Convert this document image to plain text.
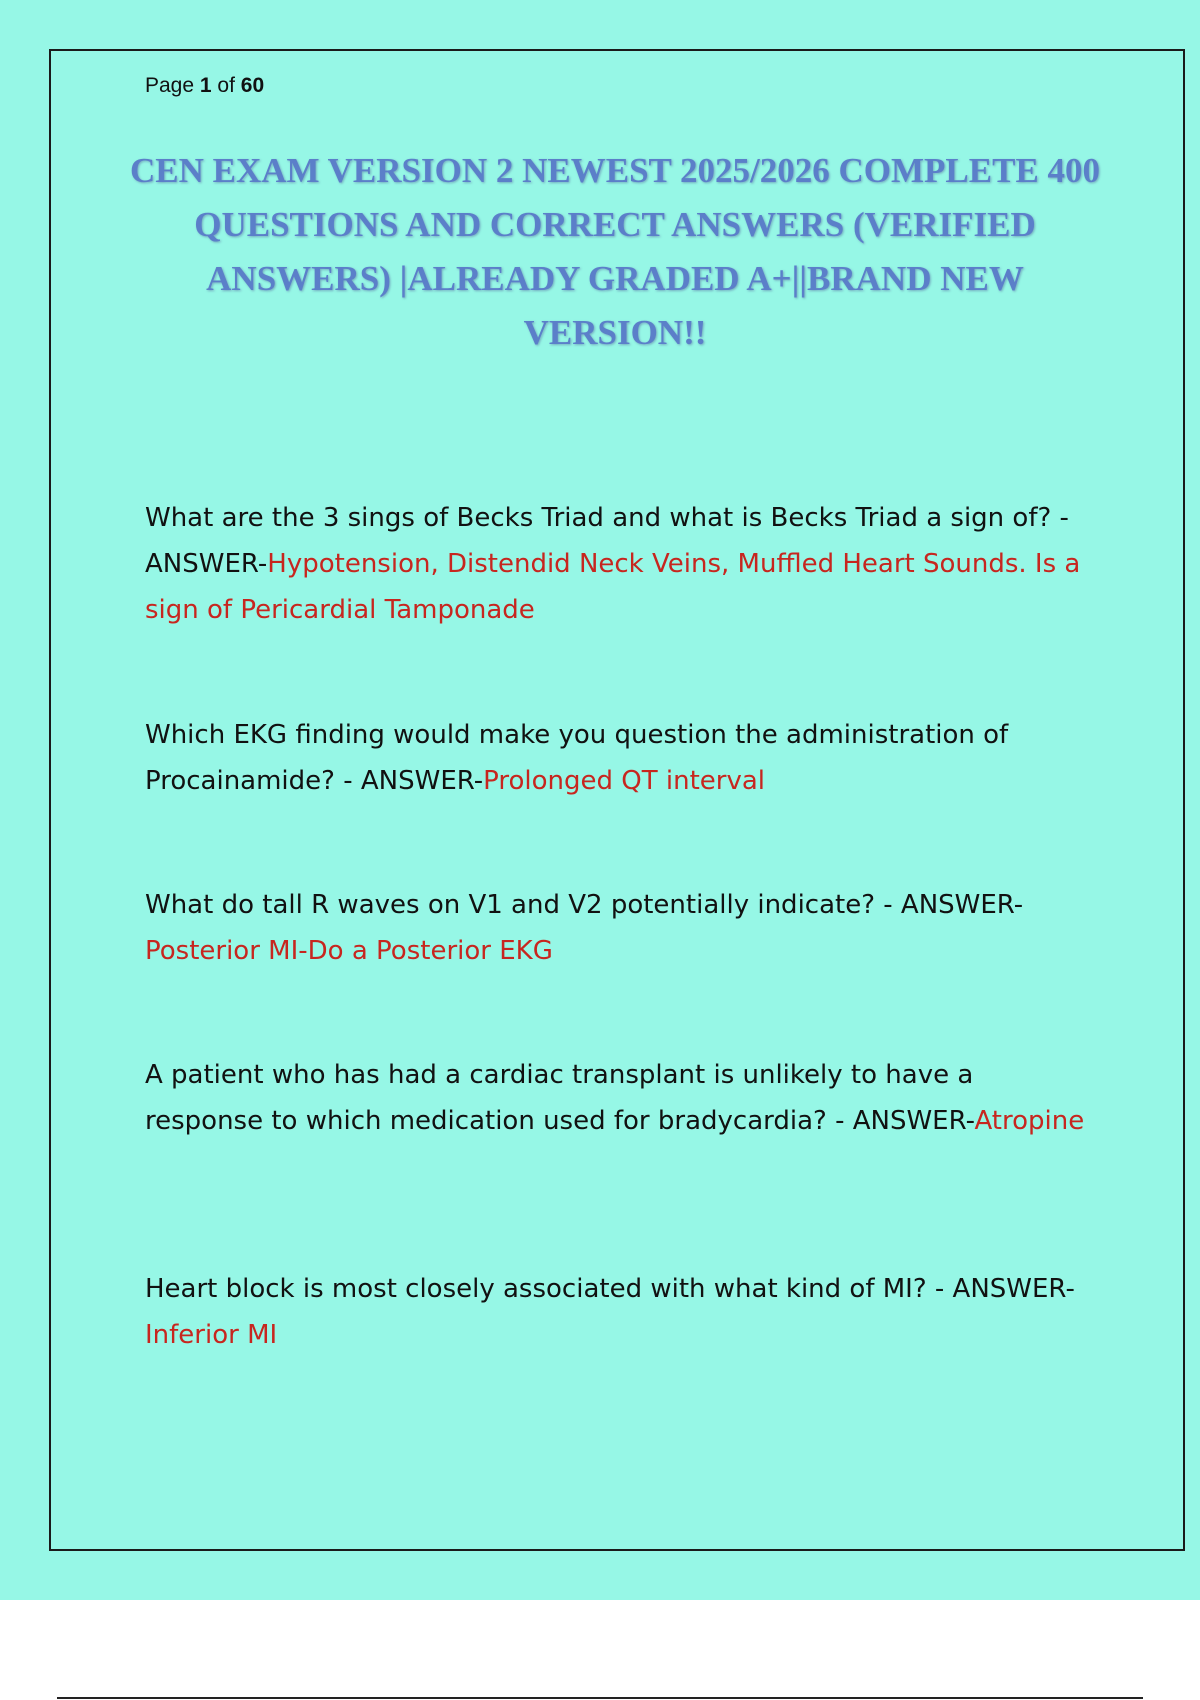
Page 1 of 60
CEN EXAM VERSION 2 NEWEST 2025/2026 COMPLETE 400 QUESTIONS AND CORRECT ANSWERS (VERIFIED ANSWERS) |ALREADY GRADED A+||BRAND NEW VERSION!!

What are the 3 sings of Becks Triad and what is Becks Triad a sign of? - ANSWER-Hypotension, Distendid Neck Veins, Muffled Heart Sounds. Is a sign of Pericardial Tamponade

Which EKG finding would make you question the administration of Procainamide? - ANSWER-Prolonged QT interval

What do tall R waves on V1 and V2 potentially indicate? - ANSWER-Posterior MI-Do a Posterior EKG

A patient who has had a cardiac transplant is unlikely to have a response to which medication used for bradycardia? - ANSWER-Atropine

Heart block is most closely associated with what kind of MI? - ANSWER-Inferior MI
